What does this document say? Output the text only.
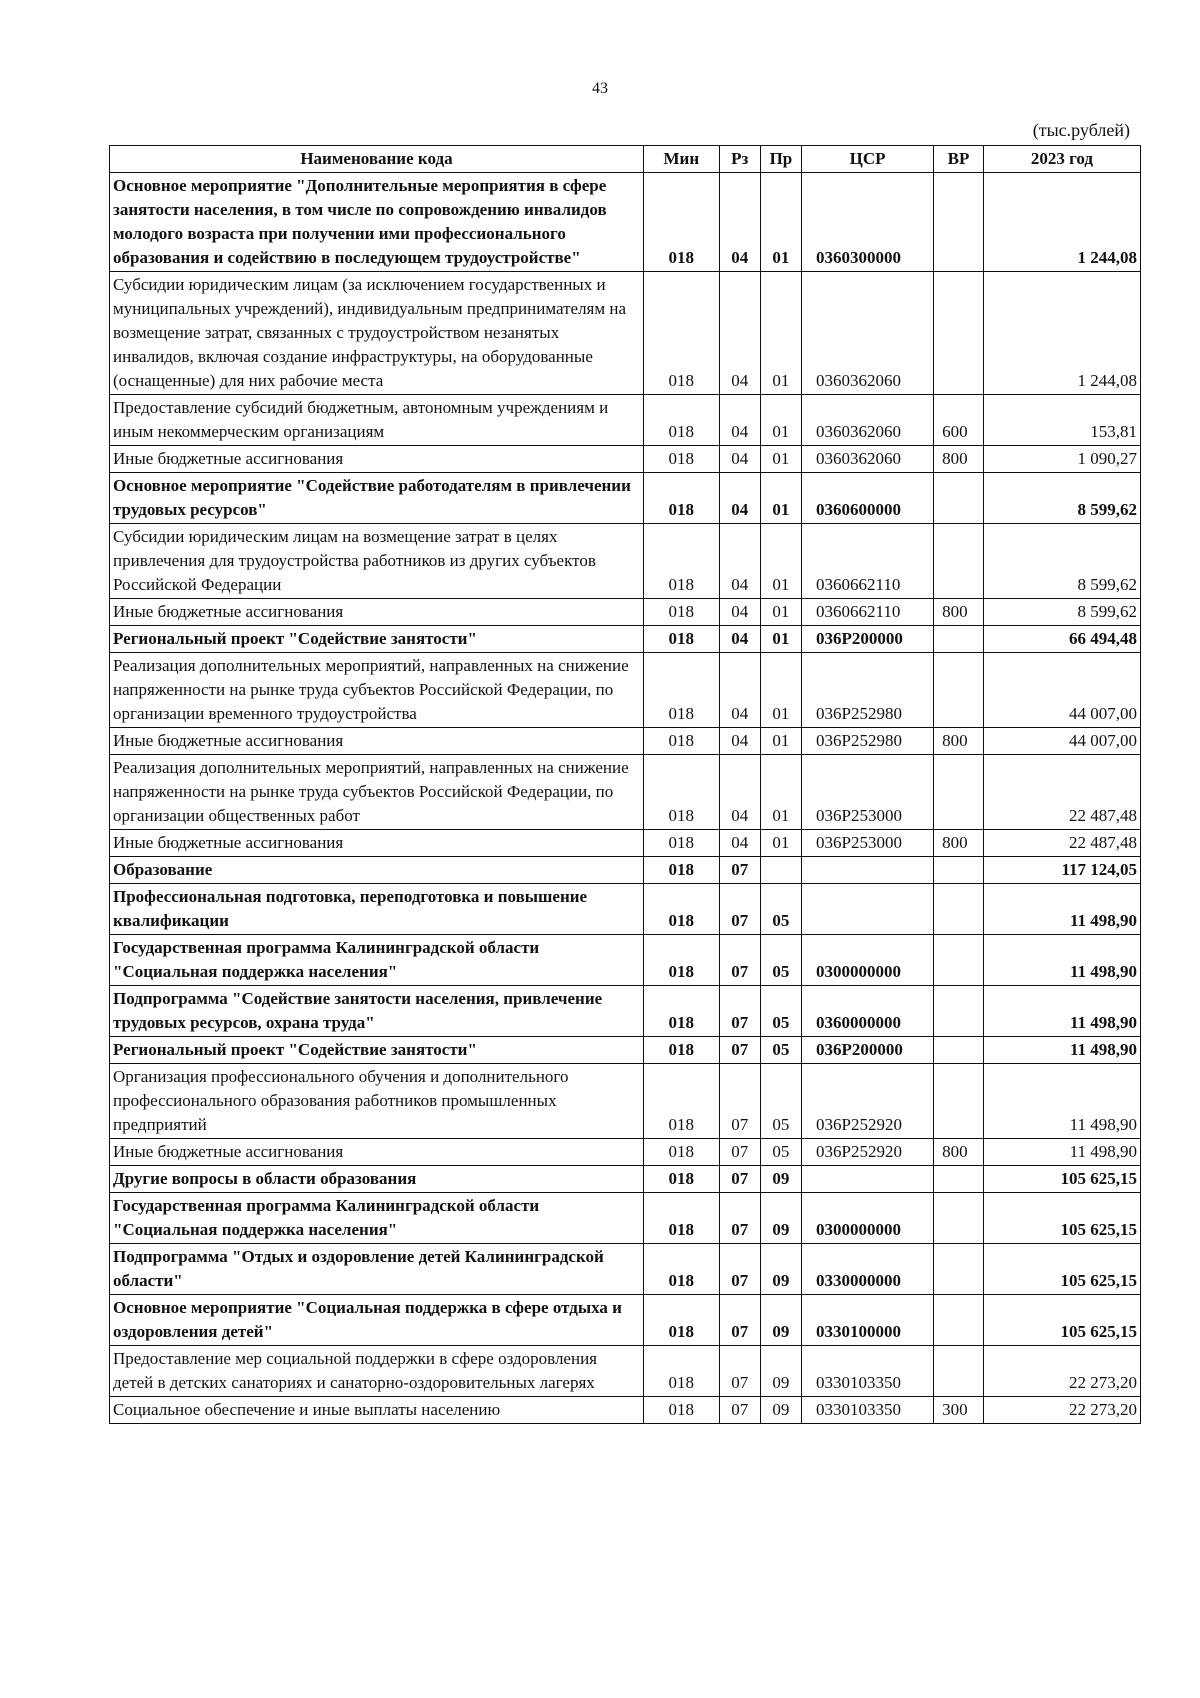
43
(тыс.рублей)
Наименование кода	Мин	Рз	Пр	ЦСР	ВР	2023 год
Основное мероприятие "Дополнительные мероприятия в сфере занятости населения, в том числе по сопровождению инвалидов молодого возраста при получении ими профессионального образования и содействию в последующем трудоустройстве"	018	04	01	0360300000		1 244,08
Субсидии юридическим лицам (за исключением государственных и муниципальных учреждений), индивидуальным предпринимателям на возмещение затрат, связанных с трудоустройством незанятых инвалидов, включая создание инфраструктуры, на оборудованные (оснащенные) для них рабочие места	018	04	01	0360362060		1 244,08
Предоставление субсидий бюджетным, автономным учреждениям и иным некоммерческим организациям	018	04	01	0360362060	600	153,81
Иные бюджетные ассигнования	018	04	01	0360362060	800	1 090,27
Основное мероприятие "Содействие работодателям в привлечении трудовых ресурсов"	018	04	01	0360600000		8 599,62
Субсидии юридическим лицам на возмещение затрат в целях привлечения для трудоустройства работников из других субъектов Российской Федерации	018	04	01	0360662110		8 599,62
Иные бюджетные ассигнования	018	04	01	0360662110	800	8 599,62
Региональный проект "Содействие занятости"	018	04	01	036P200000		66 494,48
Реализация дополнительных мероприятий, направленных на снижение напряженности на рынке труда субъектов Российской Федерации, по организации временного трудоустройства	018	04	01	036P252980		44 007,00
Иные бюджетные ассигнования	018	04	01	036P252980	800	44 007,00
Реализация дополнительных мероприятий, направленных на снижение напряженности на рынке труда субъектов Российской Федерации, по организации общественных работ	018	04	01	036P253000		22 487,48
Иные бюджетные ассигнования	018	04	01	036P253000	800	22 487,48
Образование	018	07				117 124,05
Профессиональная подготовка, переподготовка и повышение квалификации	018	07	05			11 498,90
Государственная программа Калининградской области "Социальная поддержка населения"	018	07	05	0300000000		11 498,90
Подпрограмма "Содействие занятости населения, привлечение трудовых ресурсов, охрана труда"	018	07	05	0360000000		11 498,90
Региональный проект "Содействие занятости"	018	07	05	036P200000		11 498,90
Организация профессионального обучения и дополнительного профессионального образования работников промышленных предприятий	018	07	05	036P252920		11 498,90
Иные бюджетные ассигнования	018	07	05	036P252920	800	11 498,90
Другие вопросы в области образования	018	07	09			105 625,15
Государственная программа Калининградской области "Социальная поддержка населения"	018	07	09	0300000000		105 625,15
Подпрограмма "Отдых и оздоровление детей Калининградской области"	018	07	09	0330000000		105 625,15
Основное мероприятие "Социальная поддержка в сфере отдыха и оздоровления детей"	018	07	09	0330100000		105 625,15
Предоставление мер социальной поддержки в сфере оздоровления детей в детских санаториях и санаторно-оздоровительных лагерях	018	07	09	0330103350		22 273,20
Социальное обеспечение и иные выплаты населению	018	07	09	0330103350	300	22 273,20
